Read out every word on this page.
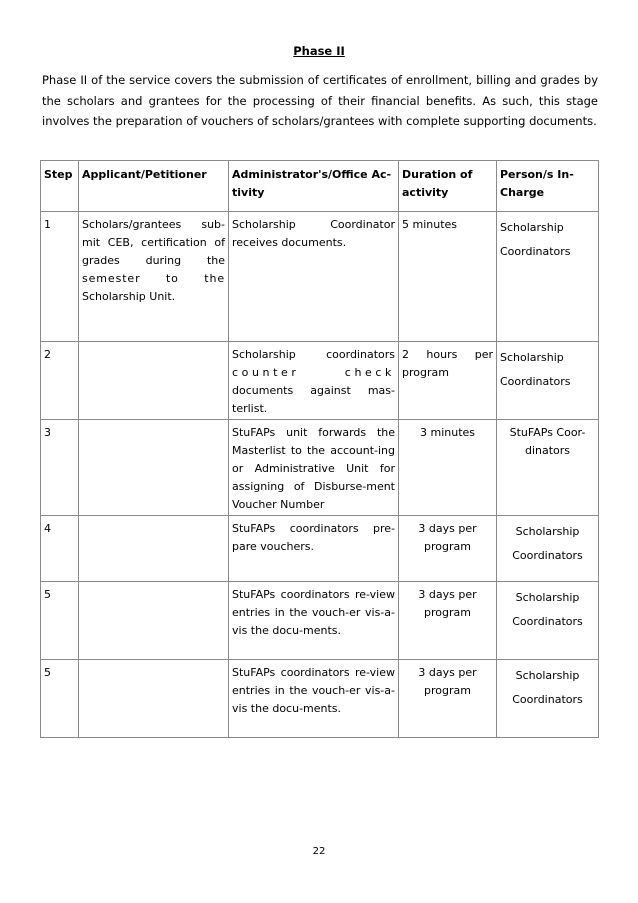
Phase II
Phase II of the service covers the submission of certificates of enrollment, billing and grades by the scholars and grantees for the processing of their financial benefits. As such, this stage involves the preparation of vouchers of scholars/grantees with complete supporting documents.
Step	Applicant/Petitioner	Administrator's/Office Ac-tivity	Duration of activity	Person/s In-Charge
1	Scholars/grantees sub-mit CEB, certification of grades during the semester to the Scholarship Unit.	Scholarship Coordinator receives documents.	5 minutes	Scholarship Coordinators
2		Scholarship coordinators counter check documents against mas-terlist.	2 hours per program	Scholarship Coordinators
3		StuFAPs unit forwards the Masterlist to the account-ing or Administrative Unit for assigning of Disburse-ment Voucher Number	3 minutes	StuFAPs Coor-dinators
4		StuFAPs coordinators pre-pare vouchers.	3 days per program	Scholarship Coordinators
5		StuFAPs coordinators re-view entries in the vouch-er vis-a-vis the docu-ments.	3 days per program	Scholarship Coordinators
5		StuFAPs coordinators re-view entries in the vouch-er vis-a-vis the docu-ments.	3 days per program	Scholarship Coordinators
22
